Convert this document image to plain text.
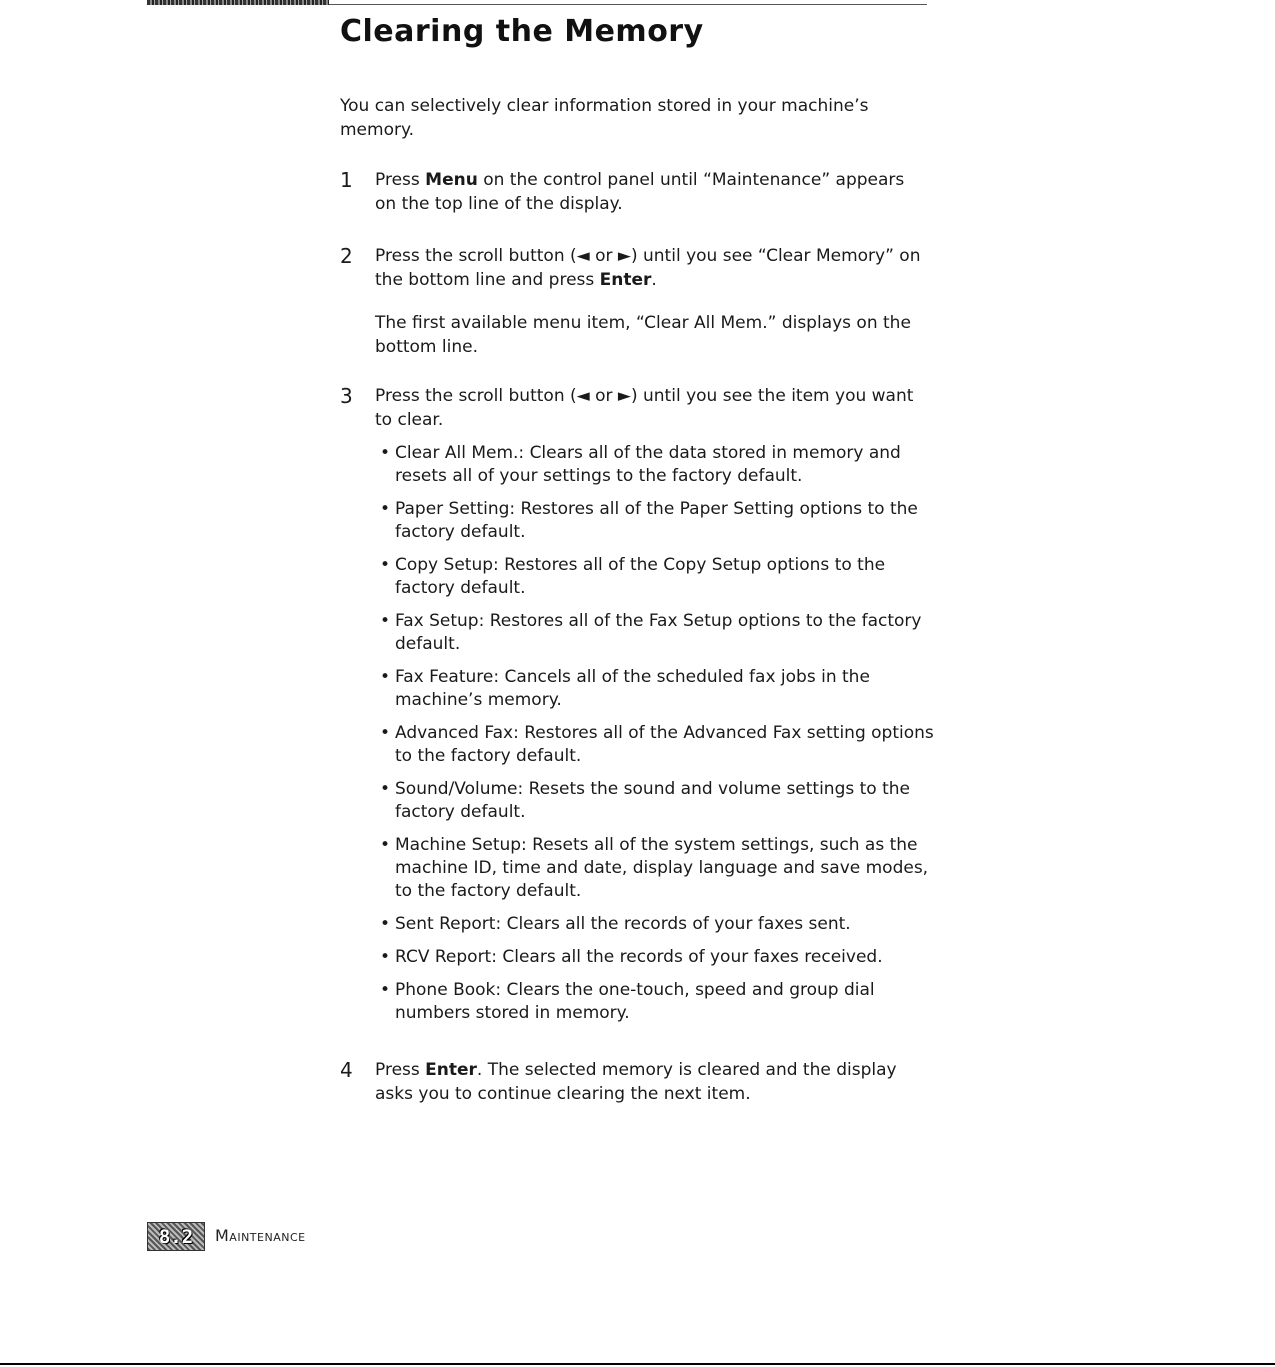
Clearing the Memory

You can selectively clear information stored in your machine’s memory.

1 Press Menu on the control panel until “Maintenance” appears on the top line of the display.

2 Press the scroll button (◄ or ►) until you see “Clear Memory” on the bottom line and press Enter.

The first available menu item, “Clear All Mem.” displays on the bottom line.

3 Press the scroll button (◄ or ►) until you see the item you want to clear.

• Clear All Mem.: Clears all of the data stored in memory and resets all of your settings to the factory default.
• Paper Setting: Restores all of the Paper Setting options to the factory default.
• Copy Setup: Restores all of the Copy Setup options to the factory default.
• Fax Setup: Restores all of the Fax Setup options to the factory default.
• Fax Feature: Cancels all of the scheduled fax jobs in the machine’s memory.
• Advanced Fax: Restores all of the Advanced Fax setting options to the factory default.
• Sound/Volume: Resets the sound and volume settings to the factory default.
• Machine Setup: Resets all of the system settings, such as the machine ID, time and date, display language and save modes, to the factory default.
• Sent Report: Clears all the records of your faxes sent.
• RCV Report: Clears all the records of your faxes received.
• Phone Book: Clears the one-touch, speed and group dial numbers stored in memory.
4 Press Enter. The selected memory is cleared and the display asks you to continue clearing the next item.

8.2	Maintenance
